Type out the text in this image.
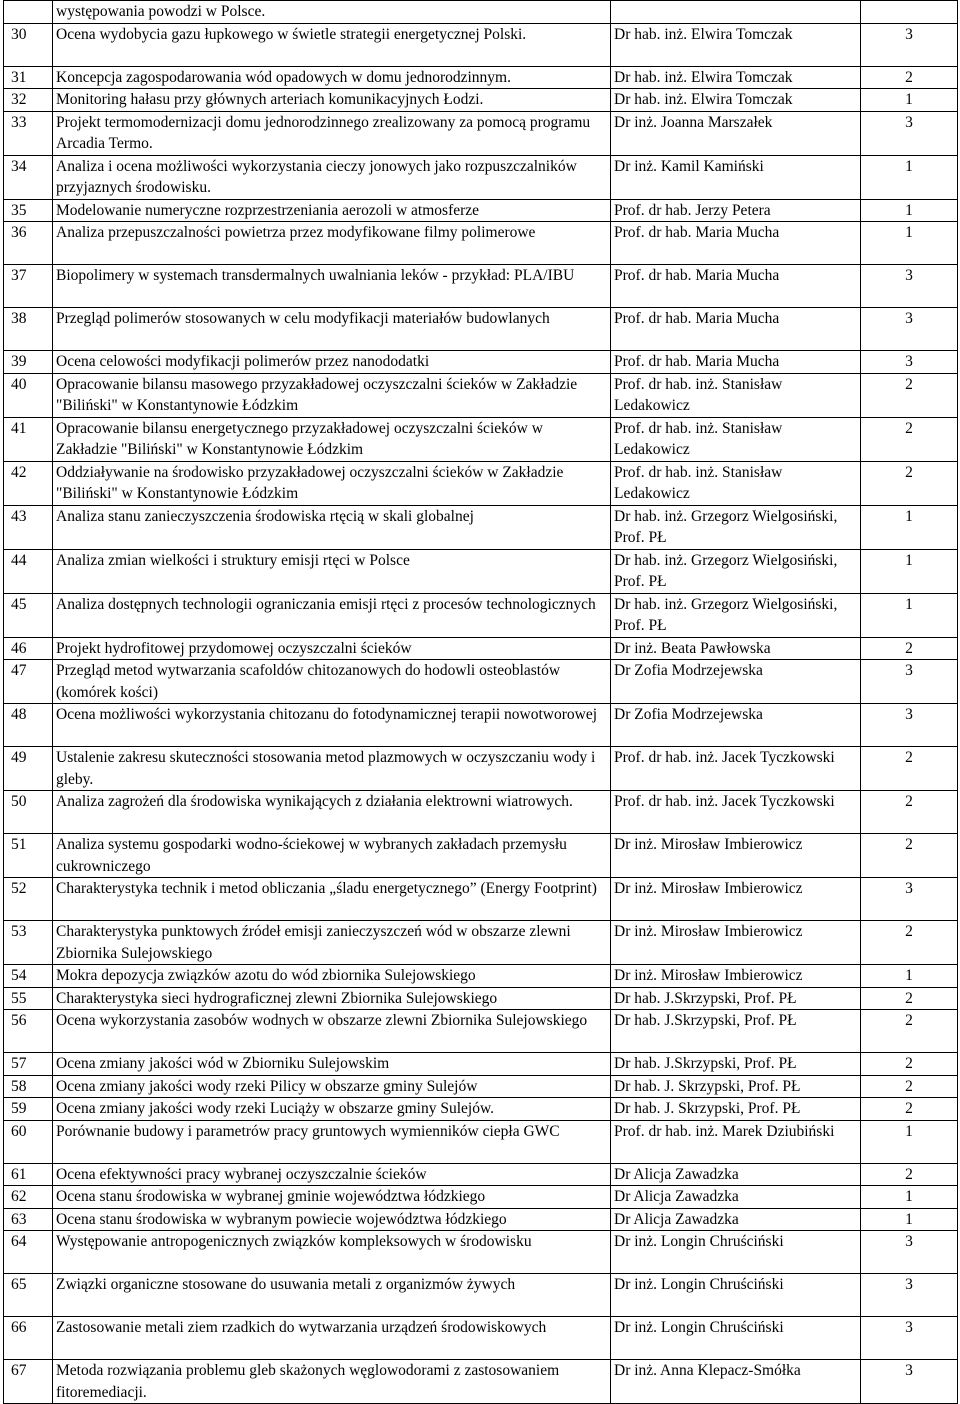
	występowania powodzi w Polsce.		
30	Ocena wydobycia gazu łupkowego w świetle strategii energetycznej Polski.	Dr hab. inż. Elwira Tomczak	3
31	Koncepcja zagospodarowania wód opadowych w domu jednorodzinnym.	Dr hab. inż. Elwira Tomczak	2
32	Monitoring hałasu przy głównych arteriach komunikacyjnych Łodzi.	Dr hab. inż. Elwira Tomczak	1
33	Projekt termomodernizacji domu jednorodzinnego zrealizowany za pomocą programu Arcadia Termo.	Dr inż. Joanna Marszałek	3
34	Analiza i ocena możliwości wykorzystania cieczy jonowych jako rozpuszczalników przyjaznych środowisku.	Dr inż. Kamil Kamiński	1
35	Modelowanie numeryczne rozprzestrzeniania aerozoli w atmosferze	Prof. dr hab. Jerzy Petera	1
36	Analiza przepuszczalności powietrza przez modyfikowane filmy polimerowe	Prof. dr hab. Maria Mucha	1
37	Biopolimery w systemach transdermalnych uwalniania leków - przykład: PLA/IBU	Prof. dr hab. Maria Mucha	3
38	Przegląd polimerów stosowanych w celu modyfikacji materiałów budowlanych	Prof. dr hab. Maria Mucha	3
39	Ocena celowości modyfikacji polimerów przez nanododatki	Prof. dr hab. Maria Mucha	3
40	Opracowanie bilansu masowego przyzakładowej oczyszczalni ścieków w Zakładzie "Biliński" w Konstantynowie Łódzkim	Prof. dr hab. inż. Stanisław Ledakowicz	2
41	Opracowanie bilansu energetycznego przyzakładowej oczyszczalni ścieków w Zakładzie "Biliński" w Konstantynowie Łódzkim	Prof. dr hab. inż. Stanisław Ledakowicz	2
42	Oddziaływanie na środowisko przyzakładowej oczyszczalni ścieków w Zakładzie "Biliński" w Konstantynowie Łódzkim	Prof. dr hab. inż. Stanisław Ledakowicz	2
43	Analiza stanu zanieczyszczenia środowiska rtęcią w skali globalnej	Dr hab. inż. Grzegorz Wielgosiński, Prof. PŁ	1
44	Analiza zmian wielkości i struktury emisji rtęci w Polsce	Dr hab. inż. Grzegorz Wielgosiński, Prof. PŁ	1
45	Analiza dostępnych technologii ograniczania emisji rtęci z procesów technologicznych	Dr hab. inż. Grzegorz Wielgosiński, Prof. PŁ	1
46	Projekt hydrofitowej przydomowej oczyszczalni ścieków	Dr inż. Beata Pawłowska	2
47	Przegląd metod wytwarzania scafoldów chitozanowych do hodowli osteoblastów (komórek kości)	Dr Zofia Modrzejewska	3
48	Ocena możliwości wykorzystania chitozanu do fotodynamicznej terapii nowotworowej	Dr Zofia Modrzejewska	3
49	Ustalenie zakresu skuteczności stosowania metod plazmowych w oczyszczaniu wody i gleby.	Prof. dr hab. inż. Jacek Tyczkowski	2
50	Analiza zagrożeń dla środowiska wynikających z działania elektrowni wiatrowych.	Prof. dr hab. inż. Jacek Tyczkowski	2
51	Analiza systemu gospodarki wodno-ściekowej w wybranych zakładach przemysłu cukrowniczego	Dr inż. Mirosław Imbierowicz	2
52	Charakterystyka technik i metod obliczania „śladu energetycznego” (Energy Footprint)	Dr inż. Mirosław Imbierowicz	3
53	Charakterystyka punktowych źródeł emisji zanieczyszczeń wód w obszarze zlewni Zbiornika Sulejowskiego	Dr inż. Mirosław Imbierowicz	2
54	Mokra depozycja związków azotu do wód zbiornika Sulejowskiego	Dr inż. Mirosław Imbierowicz	1
55	Charakterystyka sieci hydrograficznej zlewni Zbiornika Sulejowskiego	Dr hab. J.Skrzypski, Prof. PŁ	2
56	Ocena wykorzystania zasobów wodnych w obszarze zlewni Zbiornika Sulejowskiego	Dr hab. J.Skrzypski, Prof. PŁ	2
57	Ocena zmiany jakości wód w Zbiorniku Sulejowskim	Dr hab. J.Skrzypski, Prof. PŁ	2
58	Ocena zmiany jakości wody rzeki Pilicy w obszarze gminy Sulejów	Dr hab. J. Skrzypski, Prof. PŁ	2
59	Ocena zmiany jakości wody rzeki Luciąży w obszarze gminy Sulejów.	Dr hab. J. Skrzypski, Prof. PŁ	2
60	Porównanie budowy i parametrów pracy gruntowych wymienników ciepła GWC	Prof. dr hab. inż. Marek Dziubiński	1
61	Ocena efektywności pracy wybranej oczyszczalnie ścieków	Dr Alicja Zawadzka	2
62	Ocena stanu środowiska w wybranej gminie województwa łódzkiego	Dr Alicja Zawadzka	1
63	Ocena stanu środowiska w wybranym powiecie województwa łódzkiego	Dr Alicja Zawadzka	1
64	Występowanie antropogenicznych związków kompleksowych w środowisku	Dr inż. Longin Chruściński	3
65	Związki organiczne stosowane do usuwania metali z organizmów żywych	Dr inż. Longin Chruściński	3
66	Zastosowanie metali ziem rzadkich do wytwarzania urządzeń środowiskowych	Dr inż. Longin Chruściński	3
67	Metoda rozwiązania problemu gleb skażonych węglowodorami z zastosowaniem fitoremediacji.	Dr inż. Anna Klepacz-Smółka	3
